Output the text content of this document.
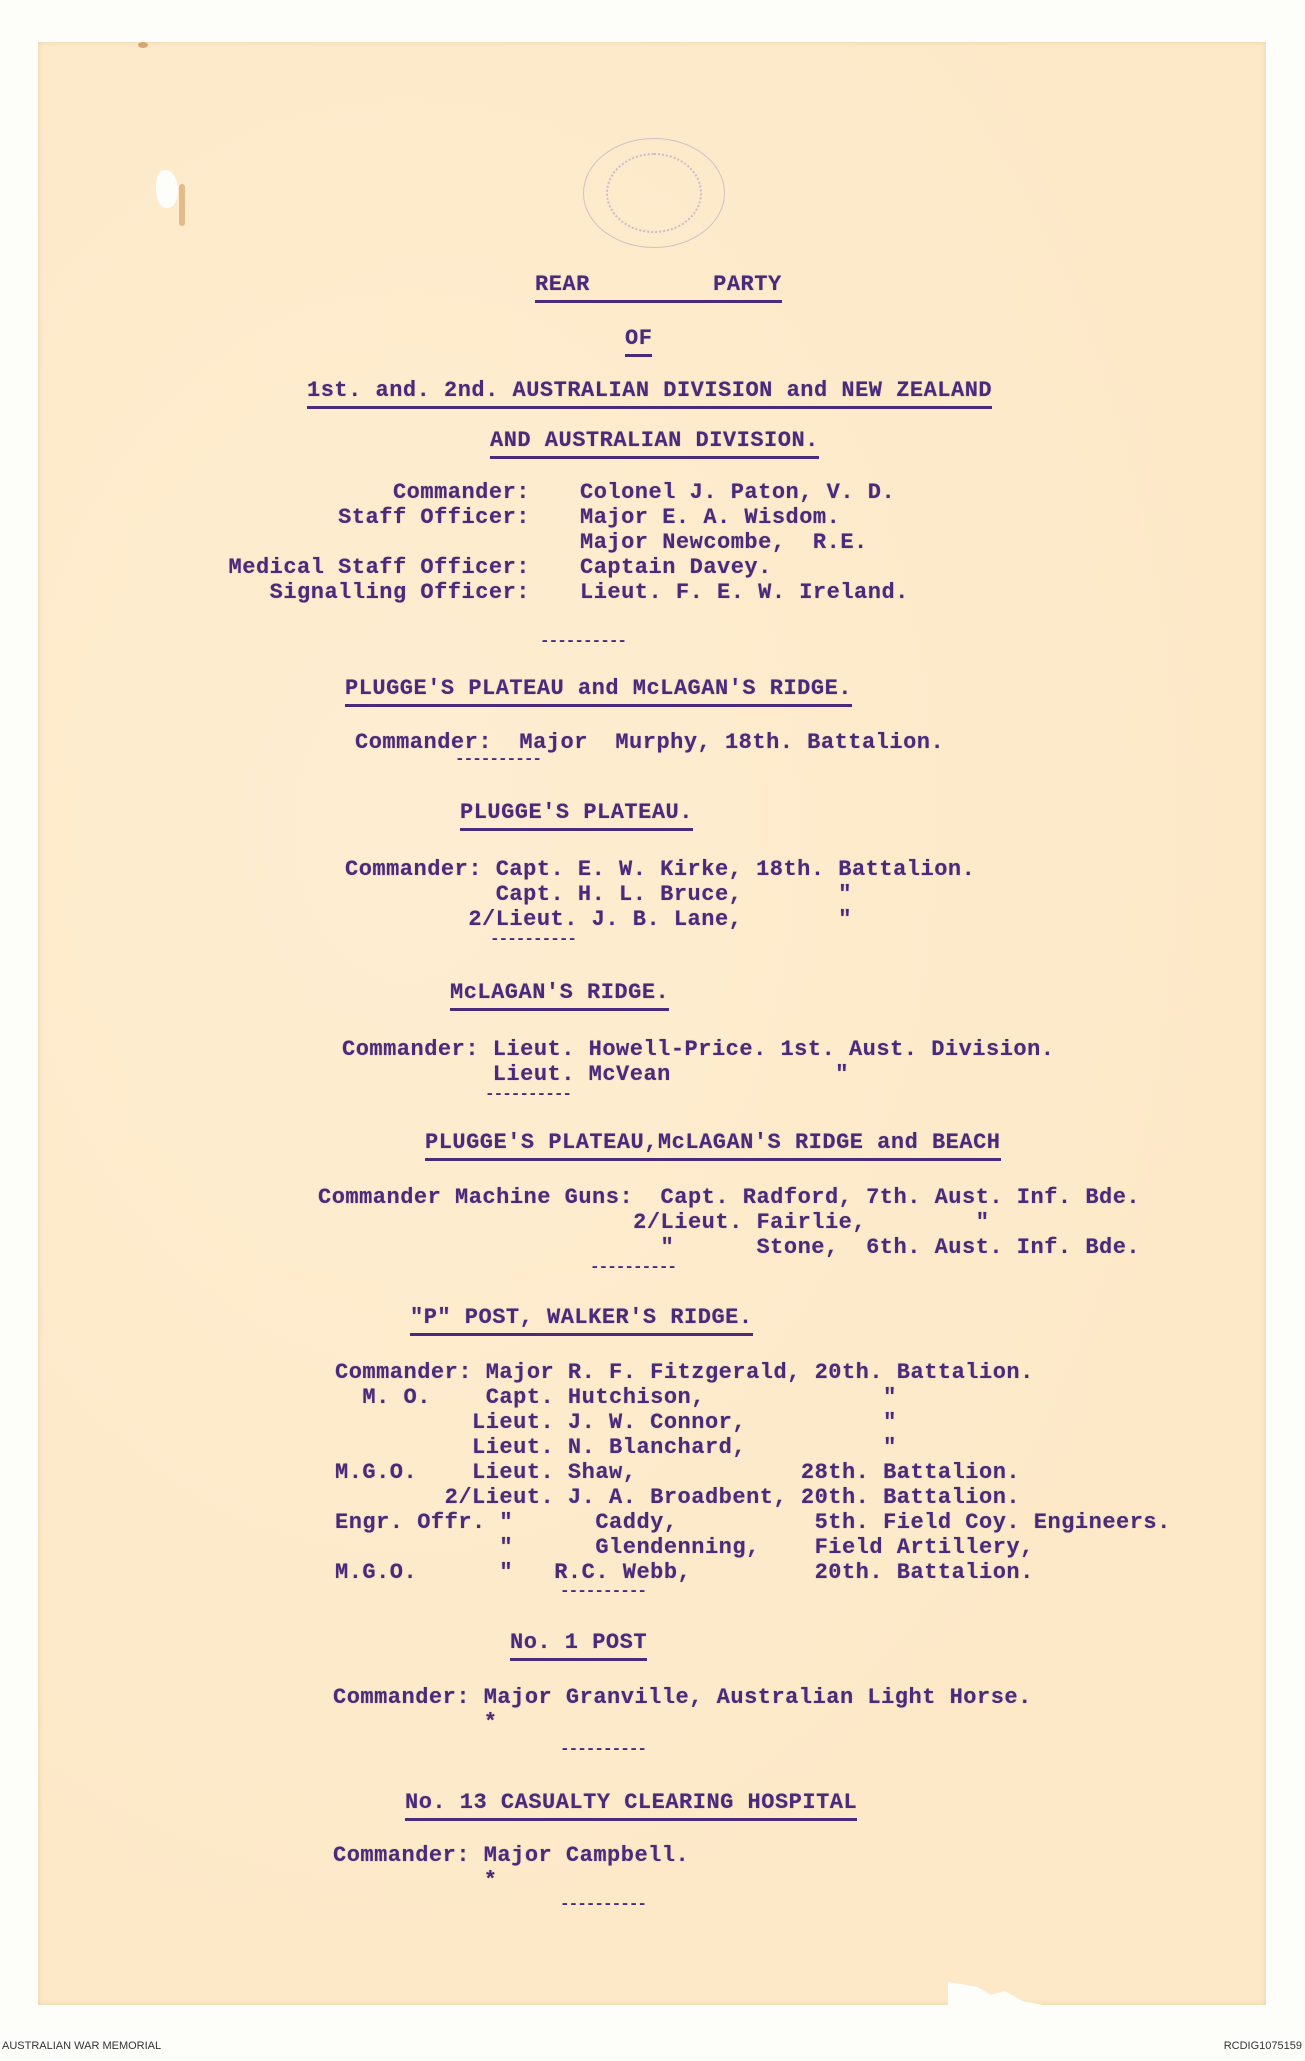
REAR	PARTY
OF
1st. and. 2nd. AUSTRALIAN DIVISION and NEW ZEALAND
AND AUSTRALIAN DIVISION.
Commander: Colonel J. Paton, V. D.
Staff Officer: Major E. A. Wisdom.
Major Newcombe,  R.E.
Medical Staff Officer: Captain Davey.
Signalling Officer: Lieut. F. E. W. Ireland.
----------
PLUGGE'S PLATEAU and McLAGAN'S RIDGE.
Commander:  Major  Murphy, 18th. Battalion.
----------
PLUGGE'S PLATEAU.
Commander: Capt. E. W. Kirke, 18th. Battalion.
Capt. H. L. Bruce,       "
2/Lieut. J. B. Lane,       "
----------
McLAGAN'S RIDGE.
Commander: Lieut. Howell-Price. 1st. Aust. Division.
Lieut. McVean            "
----------
PLUGGE'S PLATEAU,McLAGAN'S RIDGE and BEACH
Commander Machine Guns:  Capt. Radford, 7th. Aust. Inf. Bde.
2/Lieut. Fairlie,        "
"      Stone,  6th. Aust. Inf. Bde.
----------
"P" POST, WALKER'S RIDGE.
Commander: Major R. F. Fitzgerald, 20th. Battalion.
M. O.    Capt. Hutchison,             "
Lieut. J. W. Connor,          "
Lieut. N. Blanchard,          "
M.G.O.    Lieut. Shaw,            28th. Battalion.
2/Lieut. J. A. Broadbent, 20th. Battalion.
Engr. Offr. "      Caddy,          5th. Field Coy. Engineers.
"      Glendenning,    Field Artillery,
M.G.O.      "   R.C. Webb,         20th. Battalion.
----------
No. 1 POST
Commander: Major Granville, Australian Light Horse.
*
----------
No. 13 CASUALTY CLEARING HOSPITAL
Commander: Major Campbell.
*
----------
AUSTRALIAN WAR MEMORIAL	RCDIG1075159
